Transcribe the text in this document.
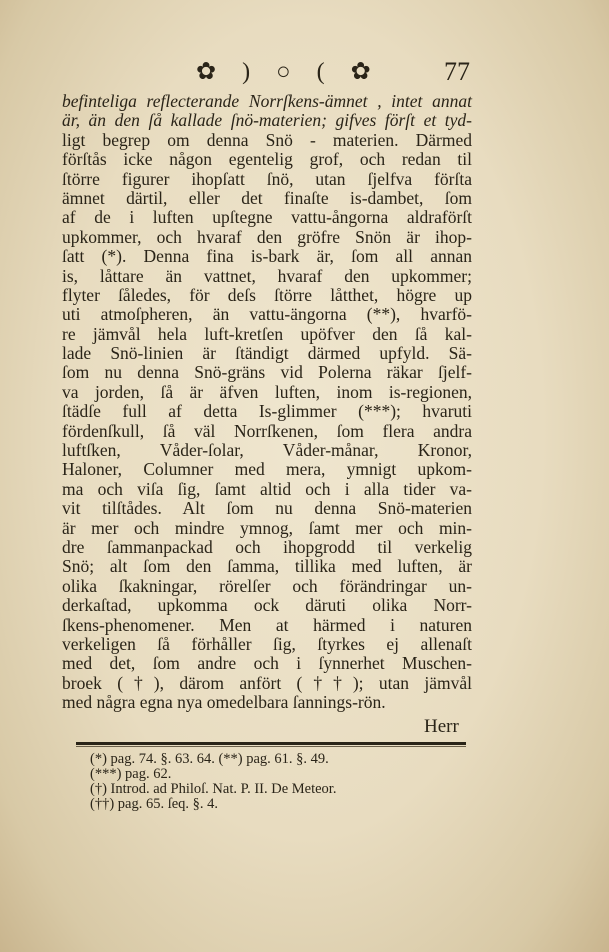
✿ ) ○ ( ✿ 77
befinteliga reflecterande Norrſkens-ämnet , intet annat
är, än den ſå kallade ſnö-materien; gifves förſt et tyd-
ligt begrep om denna Snö - materien. Därmed
förſtås icke någon egentelig grof, och redan til
ſtörre figurer ihopſatt ſnö, utan ſjelfva förſta
ämnet därtil, eller det finaſte is-dambet, ſom
af de i luften upſtegne vattu-ångorna aldraförſt
upkommer, och hvaraf den gröfre Snön är ihop-
ſatt (*). Denna fina is-bark är, ſom all annan
is, låttare än vattnet, hvaraf den upkommer;
flyter ſåledes, för deſs ſtörre låtthet, högre up
uti atmoſpheren, än vattu-ängorna (**), hvarfö-
re jämvål hela luft-kretſen upöfver den ſå kal-
lade Snö-linien är ſtändigt därmed upfyld. Sä-
ſom nu denna Snö-gräns vid Polerna räkar ſjelf-
va jorden, ſå är äfven luften, inom is-regionen,
ſtädſe full af detta Is-glimmer (***); hvaruti
fördenſkull, ſå väl Norrſkenen, ſom flera andra
luftſken, Våder-ſolar, Våder-månar, Kronor,
Haloner, Columner med mera, ymnigt upkom-
ma och viſa ſig, ſamt altid och i alla tider va-
vit tilſtådes. Alt ſom nu denna Snö-materien
är mer och mindre ymnog, ſamt mer och min-
dre ſammanpackad och ihopgrodd til verkelig
Snö; alt ſom den ſamma, tillika med luften, är
olika ſkakningar, rörelſer och förändringar un-
derkaſtad, upkomma ock däruti olika Norr-
ſkens-phenomener. Men at härmed i naturen
verkeligen ſå förhåller ſig, ſtyrkes ej allenaſt
med det, ſom andre och i ſynnerhet Muschen-
broek (†), därom anfört (††); utan jämvål
med några egna nya omedelbara ſannings-rön.
Herr
(*) pag. 74. §. 63. 64. (**) pag. 61. §. 49.
(***) pag. 62.
(†) Introd. ad Philoſ. Nat. P. II. De Meteor.
(††) pag. 65. ſeq. §. 4.
